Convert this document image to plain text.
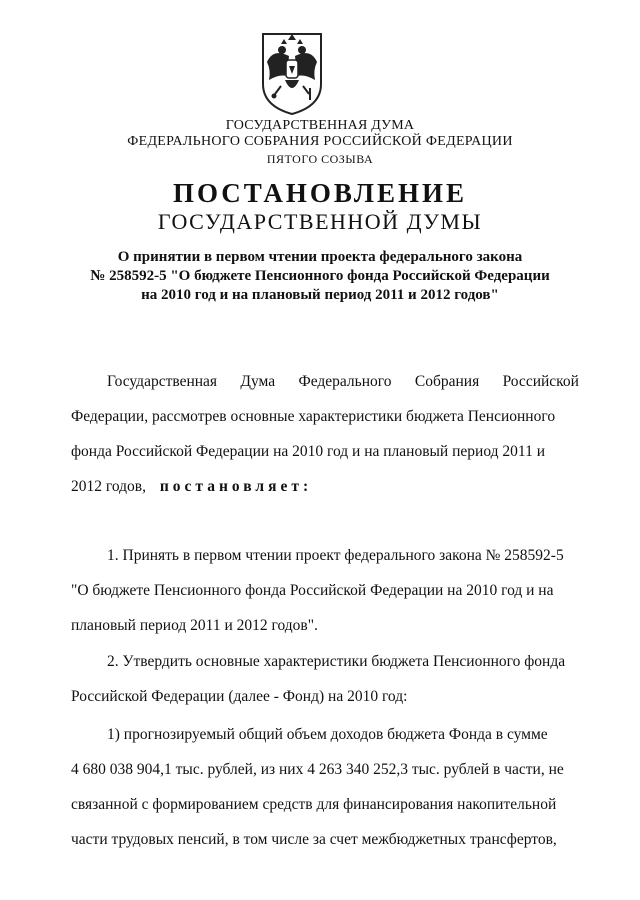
ГОСУДАРСТВЕННАЯ ДУМА
ФЕДЕРАЛЬНОГО СОБРАНИЯ РОССИЙСКОЙ ФЕДЕРАЦИИ
ПЯТОГО СОЗЫВА
ПОСТАНОВЛЕНИЕ
ГОСУДАРСТВЕННОЙ ДУМЫ
О принятии в первом чтении проекта федерального закона
№ 258592-5 "О бюджете Пенсионного фонда Российской Федерации
на 2010 год и на плановый период 2011 и 2012 годов"
Государственная Дума Федерального Собрания Российской
Федерации, рассмотрев основные характеристики бюджета Пенсионного
фонда Российской Федерации на 2010 год и на плановый период 2011 и
2012 годов, постановляет:
1. Принять в первом чтении проект федерального закона № 258592-5
"О бюджете Пенсионного фонда Российской Федерации на 2010 год и на
плановый период 2011 и 2012 годов".
2. Утвердить основные характеристики бюджета Пенсионного фонда
Российской Федерации (далее - Фонд) на 2010 год:
1) прогнозируемый общий объем доходов бюджета Фонда в сумме
4 680 038 904,1 тыс. рублей, из них 4 263 340 252,3 тыс. рублей в части, не
связанной с формированием средств для финансирования накопительной
части трудовых пенсий, в том числе за счет межбюджетных трансфертов,
